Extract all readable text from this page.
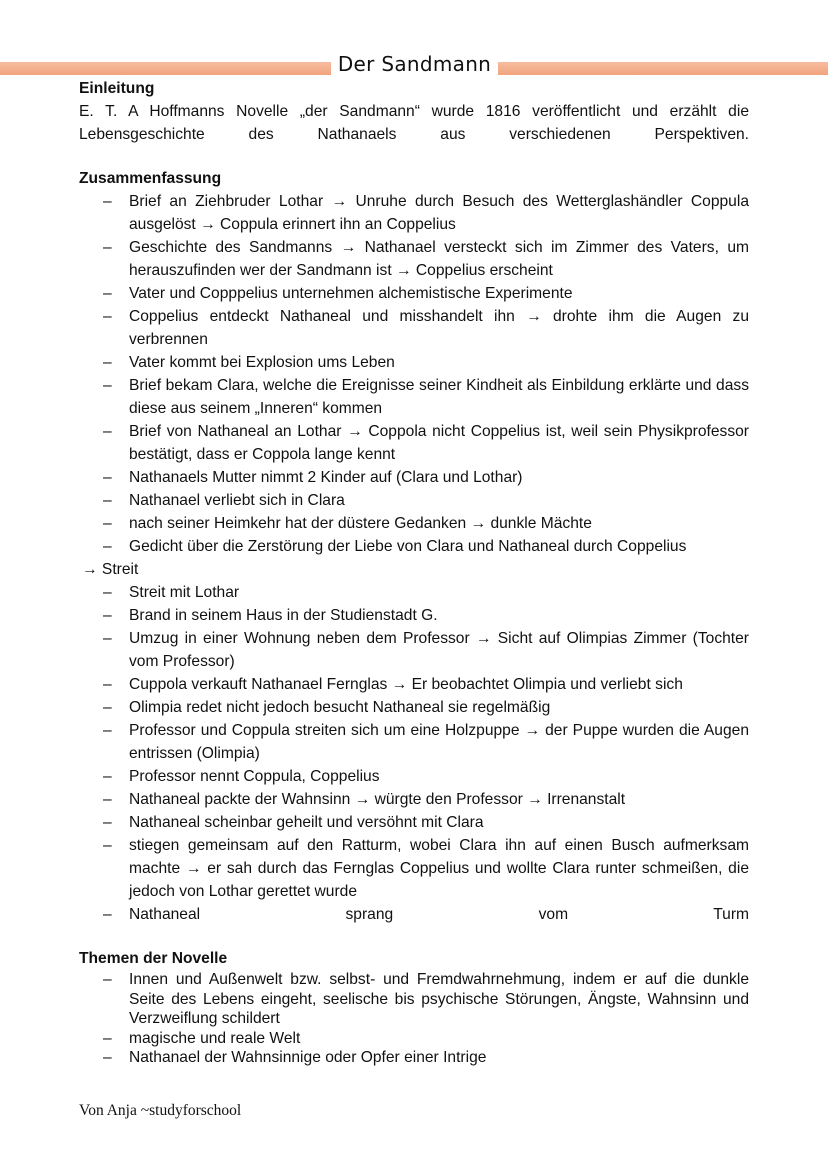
Der Sandmann
Einleitung

E. T. A Hoffmanns Novelle „der Sandmann“ wurde 1816 veröffentlicht und erzählt die Lebensgeschichte des Nathanaels aus verschiedenen Perspektiven.

Zusammenfassung
– Brief an Ziehbruder Lothar → Unruhe durch Besuch des Wetterglashändler Coppula ausgelöst → Coppula erinnert ihn an Coppelius
– Geschichte des Sandmanns → Nathanael versteckt sich im Zimmer des Vaters, um herauszufinden wer der Sandmann ist → Coppelius erscheint
– Vater und Copppelius unternehmen alchemistische Experimente
– Coppelius entdeckt Nathaneal und misshandelt ihn → drohte ihm die Augen zu verbrennen
– Vater kommt bei Explosion ums Leben
– Brief bekam Clara, welche die Ereignisse seiner Kindheit als Einbildung erklärte und dass diese aus seinem „Inneren“ kommen
– Brief von Nathaneal an Lothar → Coppola nicht Coppelius ist, weil sein Physikprofessor bestätigt, dass er Coppola lange kennt
– Nathanaels Mutter nimmt 2 Kinder auf (Clara und Lothar)
– Nathanael verliebt sich in Clara
– nach seiner Heimkehr hat der düstere Gedanken → dunkle Mächte
– Gedicht über die Zerstörung der Liebe von Clara und Nathaneal durch Coppelius
→ Streit
– Streit mit Lothar
– Brand in seinem Haus in der Studienstadt G.
– Umzug in einer Wohnung neben dem Professor → Sicht auf Olimpias Zimmer (Tochter vom Professor)
– Cuppola verkauft Nathanael Fernglas → Er beobachtet Olimpia und verliebt sich
– Olimpia redet nicht jedoch besucht Nathaneal sie regelmäßig
– Professor und Coppula streiten sich um eine Holzpuppe → der Puppe wurden die Augen entrissen (Olimpia)
– Professor nennt Coppula, Coppelius
– Nathaneal packte der Wahnsinn → würgte den Professor → Irrenanstalt
– Nathaneal scheinbar geheilt und versöhnt mit Clara
– stiegen gemeinsam auf den Ratturm, wobei Clara ihn auf einen Busch aufmerksam machte → er sah durch das Fernglas Coppelius und wollte Clara runter schmeißen, die jedoch von Lothar gerettet wurde
– Nathaneal sprang vom Turm
Themen der Novelle
– Innen und Außenwelt bzw. selbst- und Fremdwahrnehmung, indem er auf die dunkle Seite des Lebens eingeht, seelische bis psychische Störungen, Ängste, Wahnsinn und Verzweiflung schildert
– magische und reale Welt
– Nathanael der Wahnsinnige oder Opfer einer Intrige
Von Anja ~studyforschool
